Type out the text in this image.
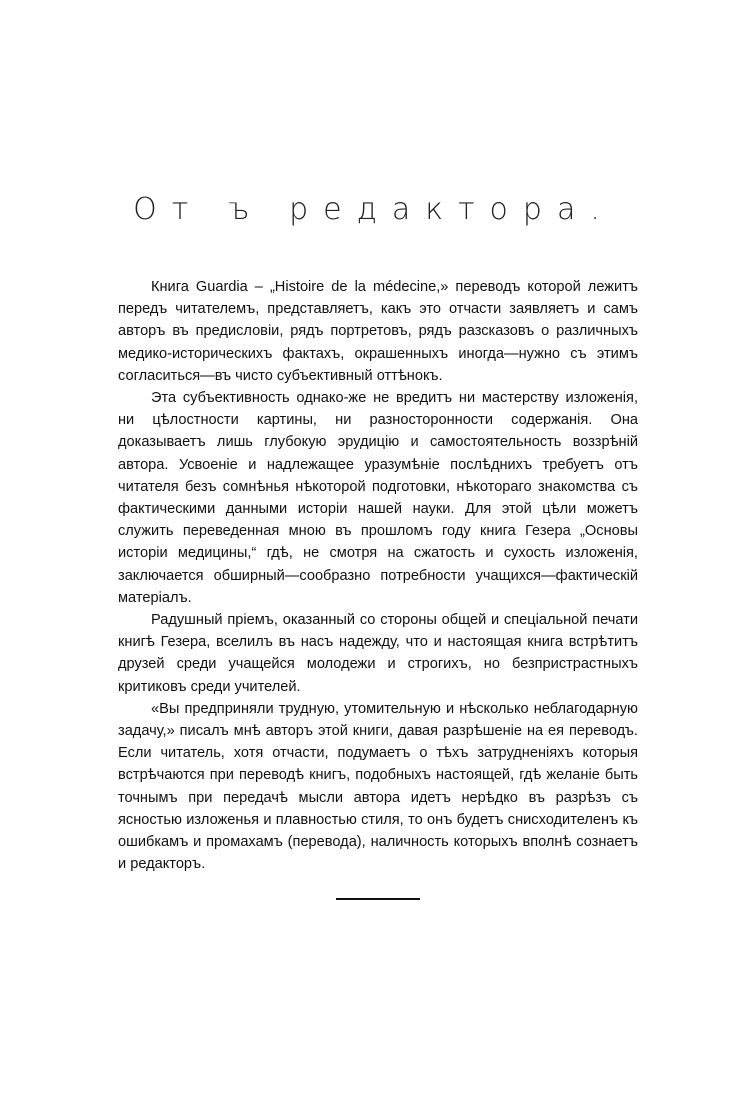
От ъ редактора.

Книга Guardia – „Histoire de la médecine,» переводъ которой лежитъ передъ читателемъ, представляетъ, какъ это отчасти заявляетъ и самъ авторъ въ предисловіи, рядъ портретовъ, рядъ разсказовъ о различныхъ медико-историческихъ фактахъ, окрашенныхъ иногда—нужно съ этимъ согласиться—въ чисто субъективный оттѣнокъ.

Эта субъективность однако-же не вредитъ ни мастерству изложенія, ни цѣлостности картины, ни разносторонности содержанія. Она доказываетъ лишь глубокую эрудицію и самостоятельность воззрѣній автора. Усвоеніе и надлежащее уразумѣніе послѣднихъ требуетъ отъ читателя безъ сомнѣнья нѣкоторой подготовки, нѣкотораго знакомства съ фактическими данными исторіи нашей науки. Для этой цѣли можетъ служить переведенная мною въ прошломъ году книга Гезера „Основы исторіи медицины,“ гдѣ, не смотря на сжатость и сухость изложенія, заключается обширный—сообразно потребности учащихся—фактическій матеріалъ.

Радушный пріемъ, оказанный со стороны общей и спеціальной печати книгѣ Гезера, вселилъ въ насъ надежду, что и настоящая книга встрѣтитъ друзей среди учащейся молодежи и строгихъ, но безпристрастныхъ критиковъ среди учителей.

«Вы предприняли трудную, утомительную и нѣсколько неблагодарную задачу,» писалъ мнѣ авторъ этой книги, давая разрѣшеніе на ея переводъ. Если читатель, хотя отчасти, подумаетъ о тѣхъ затрудненіяхъ которыя встрѣчаются при переводѣ книгъ, подобныхъ настоящей, гдѣ желаніе быть точнымъ при передачѣ мысли автора идетъ нерѣдко въ разрѣзъ съ ясностью изложенья и плавностью стиля, то онъ будетъ снисходителенъ къ ошибкамъ и промахамъ (перевода), наличность которыхъ вполнѣ сознаетъ и редакторъ.
